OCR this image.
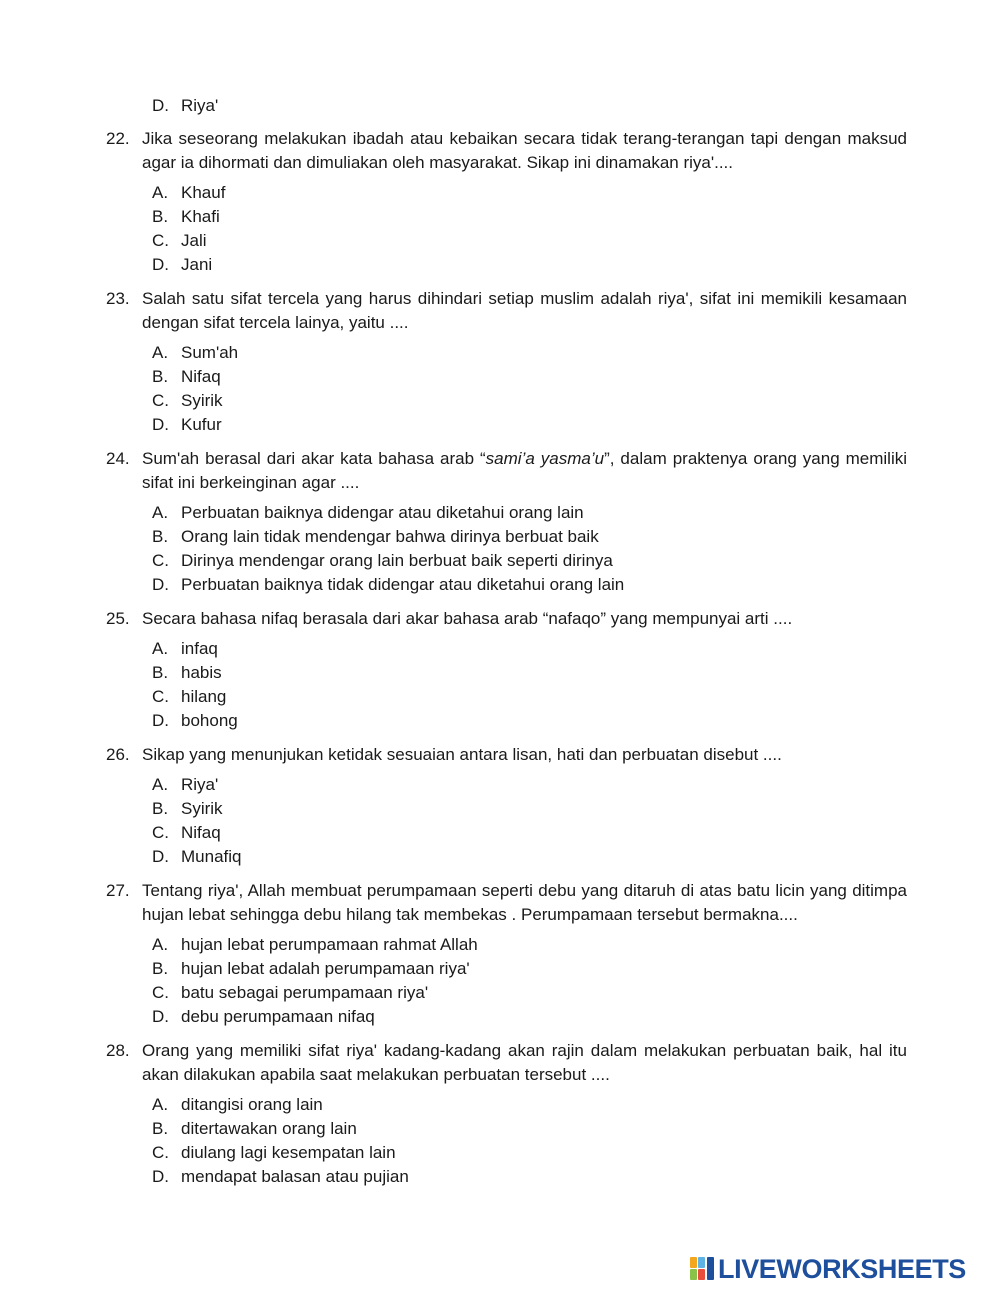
D. Riya'
22. Jika seseorang melakukan ibadah atau kebaikan secara tidak terang-terangan tapi dengan maksud agar ia dihormati dan dimuliakan oleh masyarakat. Sikap ini dinamakan riya'....
A. Khauf
B. Khafi
C. Jali
D. Jani
23. Salah satu sifat tercela yang harus dihindari setiap muslim adalah riya', sifat ini memikili kesamaan dengan sifat tercela lainya, yaitu ....
A. Sum'ah
B. Nifaq
C. Syirik
D. Kufur
24. Sum'ah berasal dari akar kata bahasa arab “sami’a yasma’u”, dalam praktenya orang yang memiliki sifat ini berkeinginan agar ....
A. Perbuatan baiknya didengar atau diketahui orang lain
B. Orang lain tidak mendengar bahwa dirinya berbuat baik
C. Dirinya mendengar orang lain berbuat baik seperti dirinya
D. Perbuatan baiknya tidak didengar atau diketahui orang lain
25. Secara bahasa nifaq berasala dari akar bahasa arab “nafaqo” yang mempunyai arti ....
A. infaq
B. habis
C. hilang
D. bohong
26. Sikap yang menunjukan ketidak sesuaian antara lisan, hati dan perbuatan disebut ....
A. Riya'
B. Syirik
C. Nifaq
D. Munafiq
27. Tentang riya', Allah membuat perumpamaan seperti debu yang ditaruh di atas batu licin yang ditimpa hujan lebat sehingga debu hilang tak membekas . Perumpamaan tersebut bermakna....
A. hujan lebat perumpamaan rahmat Allah
B. hujan lebat adalah perumpamaan riya'
C. batu sebagai perumpamaan riya'
D. debu perumpamaan nifaq
28. Orang yang memiliki sifat riya' kadang-kadang akan rajin dalam melakukan perbuatan baik, hal itu akan dilakukan apabila saat melakukan perbuatan tersebut ....
A. ditangisi orang lain
B. ditertawakan orang lain
C. diulang lagi kesempatan lain
D. mendapat balasan atau pujian
LIVEWORKSHEETS
